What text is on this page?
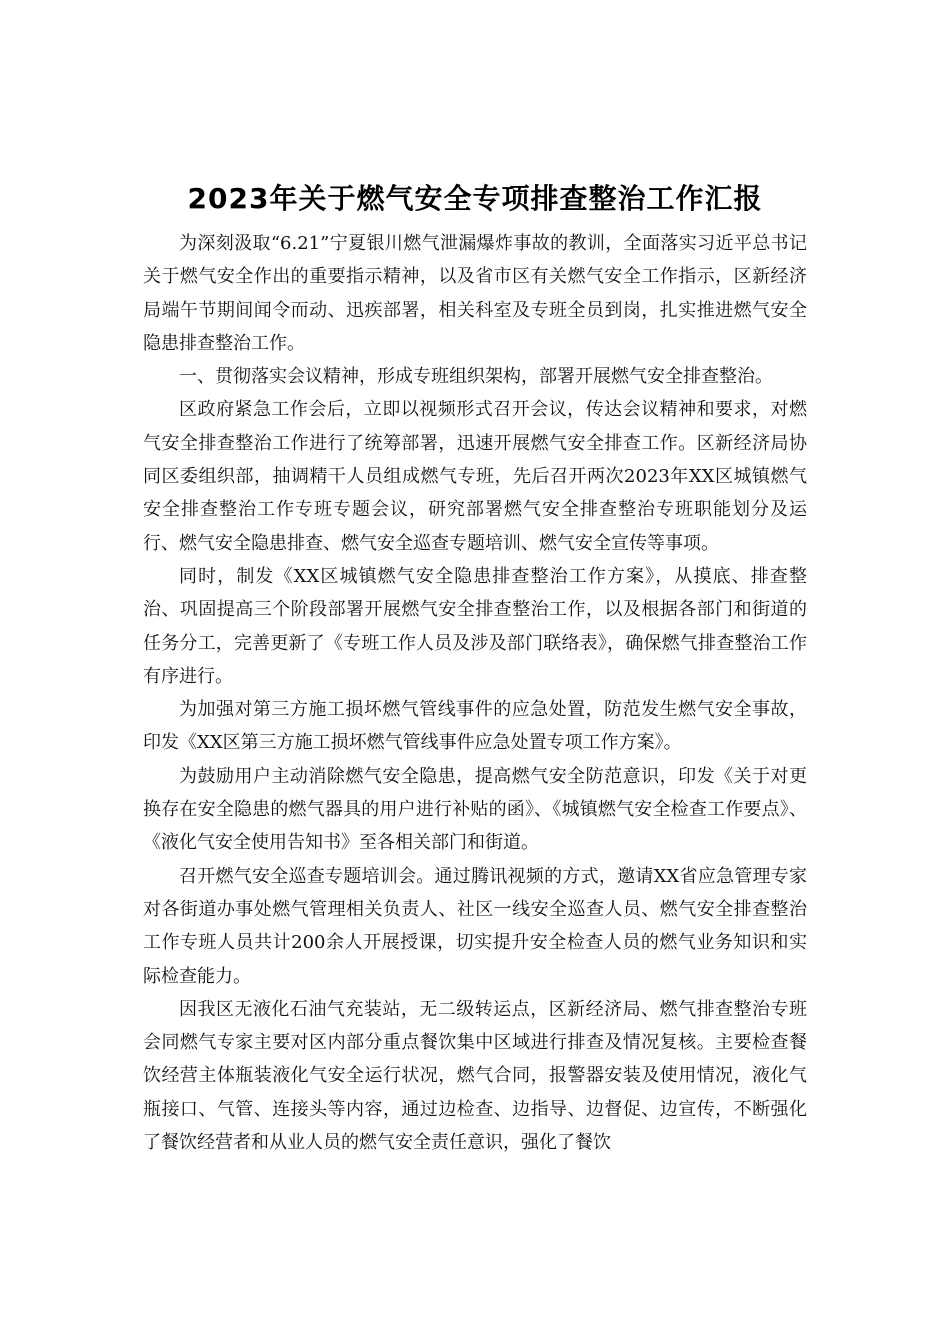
2023年关于燃气安全专项排查整治工作汇报

为深刻汲取“6.21”宁夏银川燃气泄漏爆炸事故的教训，全面落实习近平总书记关于燃气安全作出的重要指示精神，以及省市区有关燃气安全工作指示，区新经济局端午节期间闻令而动、迅疾部署，相关科室及专班全员到岗，扎实推进燃气安全隐患排查整治工作。

一、贯彻落实会议精神，形成专班组织架构，部署开展燃气安全排查整治。

区政府紧急工作会后，立即以视频形式召开会议，传达会议精神和要求，对燃气安全排查整治工作进行了统筹部署，迅速开展燃气安全排查工作。区新经济局协同区委组织部，抽调精干人员组成燃气专班，先后召开两次2023年XX区城镇燃气安全排查整治工作专班专题会议，研究部署燃气安全排查整治专班职能划分及运行、燃气安全隐患排查、燃气安全巡查专题培训、燃气安全宣传等事项。

同时，制发《XX区城镇燃气安全隐患排查整治工作方案》，从摸底、排查整治、巩固提高三个阶段部署开展燃气安全排查整治工作，以及根据各部门和街道的任务分工，完善更新了《专班工作人员及涉及部门联络表》，确保燃气排查整治工作有序进行。

为加强对第三方施工损坏燃气管线事件的应急处置，防范发生燃气安全事故，印发《XX区第三方施工损坏燃气管线事件应急处置专项工作方案》。

为鼓励用户主动消除燃气安全隐患，提高燃气安全防范意识，印发《关于对更换存在安全隐患的燃气器具的用户进行补贴的函》、《城镇燃气安全检查工作要点》、《液化气安全使用告知书》至各相关部门和街道。

召开燃气安全巡查专题培训会。通过腾讯视频的方式，邀请XX省应急管理专家对各街道办事处燃气管理相关负责人、社区一线安全巡查人员、燃气安全排查整治工作专班人员共计200余人开展授课，切实提升安全检查人员的燃气业务知识和实际检查能力。

因我区无液化石油气充装站，无二级转运点，区新经济局、燃气排查整治专班会同燃气专家主要对区内部分重点餐饮集中区域进行排查及情况复核。主要检查餐饮经营主体瓶装液化气安全运行状况，燃气合同，报警器安装及使用情况，液化气瓶接口、气管、连接头等内容，通过边检查、边指导、边督促、边宣传，不断强化了餐饮经营者和从业人员的燃气安全责任意识，强化了餐饮
